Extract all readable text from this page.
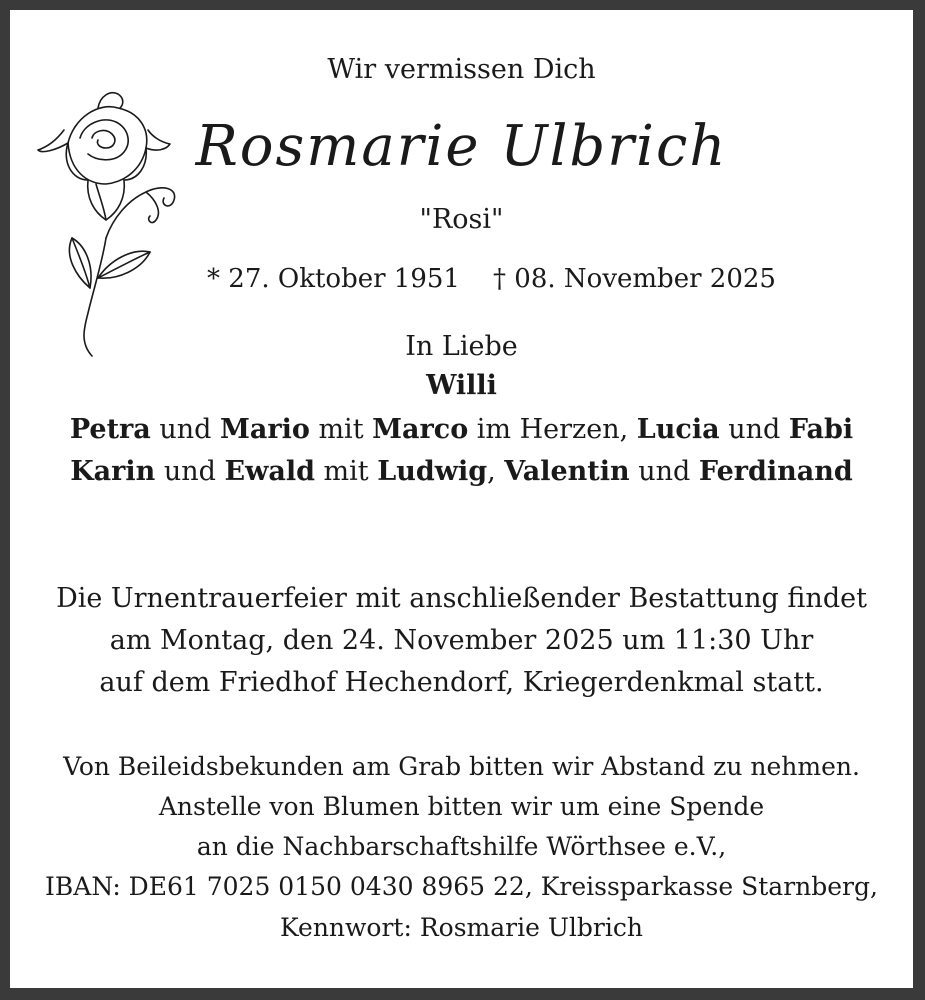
Wir vermissen Dich
Rosmarie Ulbrich
"Rosi"
* 27. Oktober 1951 † 08. November 2025
In Liebe
Willi
Petra und Mario mit Marco im Herzen, Lucia und Fabi
Karin und Ewald mit Ludwig, Valentin und Ferdinand
Die Urnentrauerfeier mit anschließender Bestattung findet
am Montag, den 24. November 2025 um 11:30 Uhr
auf dem Friedhof Hechendorf, Kriegerdenkmal statt.
Von Beileidsbekunden am Grab bitten wir Abstand zu nehmen.
Anstelle von Blumen bitten wir um eine Spende
an die Nachbarschaftshilfe Wörthsee e.V.,
IBAN: DE61 7025 0150 0430 8965 22, Kreissparkasse Starnberg,
Kennwort: Rosmarie Ulbrich
